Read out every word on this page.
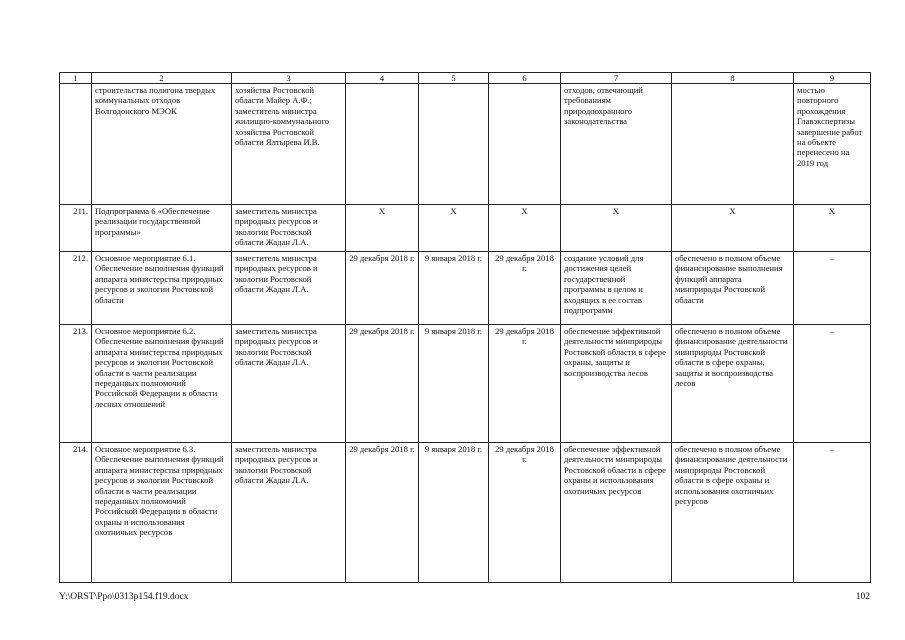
1	2	3	4	5	6	7	8	9
	строительства полигона твердых коммунальных отходов Волгодонского МЭОК	хозяйства Ростовской области Майер А.Ф.; заместитель министра жилищно-коммунального хозяйства Ростовской области Ялтырева И.В.				отходов, отвечающий требованиям природоохранного законодательства		мостью повторного прохождения Главэкспертизы завершение работ на объекте перенесено на 2019 год
211.	Подпрограмма 6 «Обеспечение реализации государственной программы»	заместитель министра природных ресурсов и экологии Ростовской области Жадан Л.А.	X	X	X	X	X	X
212.	Основное мероприятие 6.1. Обеспечение выполнения функций аппарата министерства природных ресурсов и экологии Ростовской области	заместитель министра природных ресурсов и экологии Ростовской области Жадан Л.А.	29 декабря 2018 г.	9 января 2018 г.	29 декабря 2018 г.	создание условий для достижения целей государственной программы в целом и входящих в ее состав подпрограмм	обеспечено в полном объеме финансирование выполнения функций аппарата минприроды Ростовской области	–
213.	Основное мероприятие 6.2. Обеспечение выполнения функций аппарата министерства природных ресурсов и экологии Ростовской области в части реализации переданных полномочий Российской Федерации в области лесных отношений	заместитель министра природных ресурсов и экологии Ростовской области Жадан Л.А.	29 декабря 2018 г.	9 января 2018 г.	29 декабря 2018 г.	обеспечение эффективной деятельности минприроды Ростовской области в сфере охраны, защиты и воспроизводства лесов	обеспечено в полном объеме финансирование деятельности минприроды Ростовской области в сфере охраны, защиты и воспроизводства лесов	–
214.	Основное мероприятие 6.3. Обеспечение выполнения функций аппарата министерства природных ресурсов и экологии Ростовской области в части реализации переданных полномочий Российской Федерации в области охраны и использования охотничьих ресурсов	заместитель министра природных ресурсов и экологии Ростовской области Жадан Л.А.	29 декабря 2018 г.	9 января 2018 г.	29 декабря 2018 г.	обеспечение эффективной деятельности минприроды Ростовской области в сфере охраны и использования охотничьих ресурсов	обеспечено в полном объеме финансирование деятельности минприроды Ростовской области в сфере охраны и использования охотничьих ресурсов	–
Y:\ORST\Ppo\0313p154.f19.docx	102
